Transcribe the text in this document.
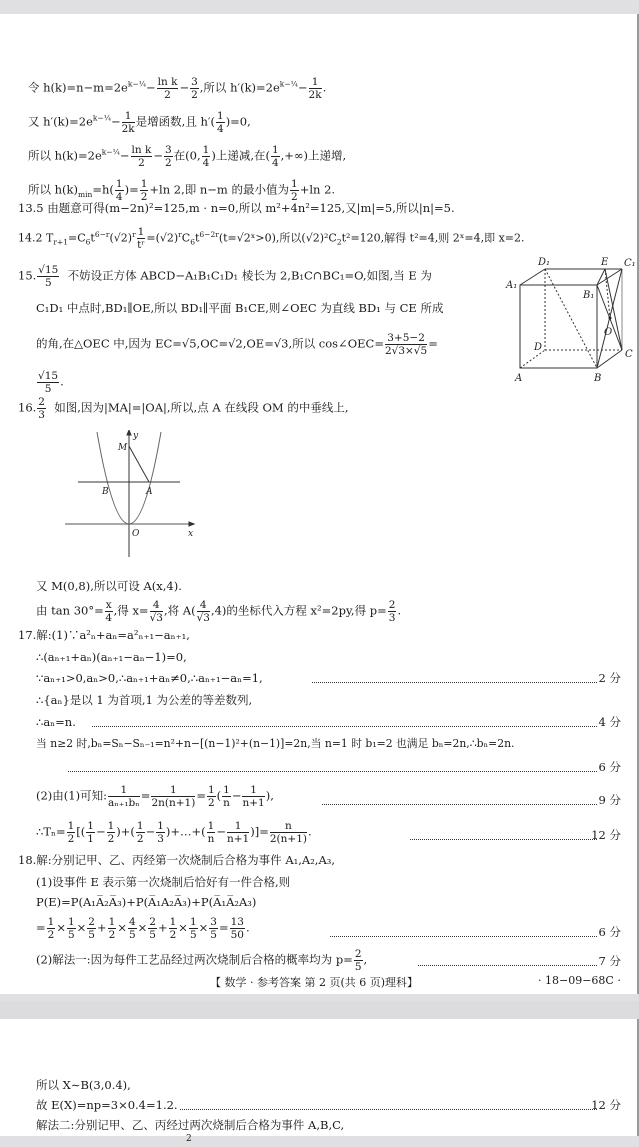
令 $h(k)=n-m=2e^{k-\frac{1}{4}}- \frac{\text{ln k}}{2} - \frac{3}{2}$ ,所以 $h'(k)=2e^{k-\frac{1}{4}}- \frac{1}{2k}$ .
又 $h'(k)=2e^{k-\frac{1}{4}}- \frac{1}{2k}$ 是增函数,且 $h'( \frac{1}{4} )=0$,
所以 $h(k)=2e^{k-\frac{1}{4}}- \frac{\text{ln k}}{2} - \frac{3}{2}$ 在(0, $\frac{1}{4}$ )上递减,在( $\frac{1}{4}$ ,+∞)上递增,
所以 $h(k)_{min}=h( \frac{1}{4}$ )= $\frac{1}{2} +\ln$ 2,即 n−m 的最小值为 $\frac{1}{2} +\ln$ 2.
13.5 由题意可得(m−2n)²=125,m · n=0,所以 m²+4n²=125,又|m|=5,所以|n|=5.
14.2 $T_{r+1}=C_6t^{6-r}(√2)^r \frac{1}{\text{tʳ}}$ $=(√2)^rC_6t^{6-2r}(t=√2ˣ>0)$,所以$(√2)^2C_2t^2=120$,解得 t²=4,则 2ˣ=4,即 x=2.
15. $\frac{√15}{5}$ 不妨设正方体 ABCD−A₁B₁C₁D₁ 棱长为 2,B₁C∩BC₁=O,如图,当 E 为
C₁D₁ 中点时,BD₁∥OE,所以 BD₁∥平面 B₁CE,则∠OEC 为直线 BD₁ 与 CE 所成
的角,在△OEC 中,因为 EC=√5,OC=√2,OE=√3,所以 cos∠OEC= $\frac{3+5-2}{2√3\times√5}$ =
$\frac{√15}{5}$ .
A₁
D₁	E C₁
B₁
O
D
C
A	B
16. $\frac{2}{3}$ 如图,因为|MA|=|OA|,所以,点 A 在线段 OM 的中垂线上,
M
y
B	A
O	x
又 M(0,8),所以可设 A(x,4).
由 $\tan 30^\circ= \frac{x}{4}$ ,得 $x= \frac{4}{√3}$ ,将 $A( \frac{4}{√3} ,4)$的坐标代入方程 x²=2py,得 $p= \frac{2}{3}$ .
17.解:(1)∵a²ₙ+aₙ=a²ₙ₊₁−aₙ₊₁,
∴(aₙ₊₁+aₙ)(aₙ₊₁−aₙ−1)=0,
∵aₙ₊₁>0,aₙ>0,∴aₙ₊₁+aₙ≠0,∴aₙ₊₁−aₙ=1,	2 分
∴{aₙ}是以 1 为首项,1 为公差的等差数列,
∴aₙ=n.	4 分
当 n≥2 时,bₙ=Sₙ−Sₙ₋₁=n²+n−[(n−1)²+(n−1)]=2n,当 n=1 时 b₁=2 也满足 bₙ=2n,∴bₙ=2n.
6 分
(2)由(1)可知: $\frac{1}{\text{aₙ₊₁bₙ}} = \frac{1}{2n(n+1)} = \frac{1}{2}$ ( $\frac{1}{n} - \frac{1}{n+1}$ ),	9 分
∴Tₙ= $\frac{1}{2}$ [( $\frac{1}{1} - \frac{1}{2}$ )+( $\frac{1}{2} - \frac{1}{3}$ )+…+( $\frac{1}{n} - \frac{1}{n+1}$ )]= $\frac{n}{2(n+1)}$ .	12 分
18.解:分别记甲、乙、丙经第一次烧制后合格为事件 A₁,A₂,A₃,
(1)设事件 E 表示第一次烧制后恰好有一件合格,则
P(E)=P(A₁A̅₂A̅₃)+P(A̅₁A₂A̅₃)+P(A̅₁A̅₂A₃)
= $\frac{1}{2} \times \frac{1}{5} \times \frac{2}{5} + \frac{1}{2} \times \frac{4}{5} \times \frac{2}{5} + \frac{1}{2} \times \frac{1}{5} \times \frac{3}{5} = \frac{13}{50}$ .	6 分
(2)解法一:因为每件工艺品经过两次烧制后合格的概率均为 $p= \frac{2}{5}$ ,	7 分
【 数学 · 参考答案 第 2 页(共 6 页)理科】	· 18−09−68C ·
所以 X∼B(3,0.4),
故 E(X)=np=3×0.4=1.2.	12 分
解法二:分别记甲、乙、丙经过两次烧制后合格为事件 A,B,C,
2
